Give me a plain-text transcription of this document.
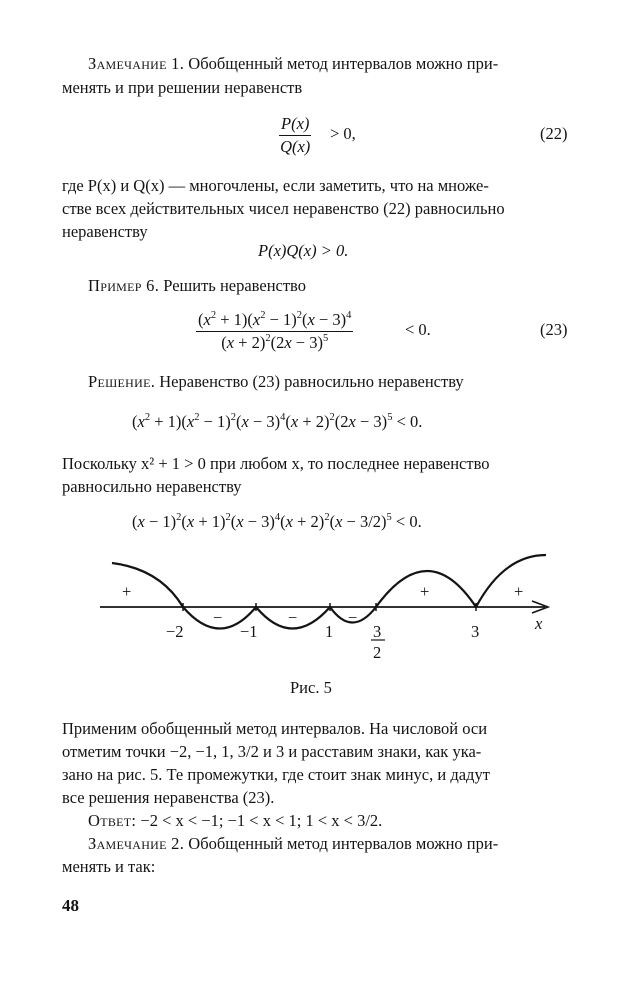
Замечание 1. Обобщенный метод интервалов можно при-
менять и при решении неравенств
$\frac{P(x)}{Q(x)} > 0$,	(22)
где P(x) и Q(x) — многочлены, если заметить, что на множе-
стве всех действительных чисел неравенство (22) равносильно
неравенству
P(x)Q(x) > 0.
Пример 6. Решить неравенство
$\frac{(x^2 + 1)(x^2 - 1)^2(x - 3)^4}{(x + 2)^2(2x - 3)^5}$	< 0.	(23)
Решение. Неравенство (23) равносильно неравенству
$(x^2 + 1)(x^2 - 1)^2(x - 3)^4(x + 2)^2(2x - 3)^5 < 0$.
Поскольку x² + 1 > 0 при любом x, то последнее неравенство
равносильно неравенству
$(x - 1)^2(x + 1)^2(x - 3)^4(x + 2)^2(x - 3/2)^5 < 0$.
+
−	−	−
+	+
−2	−1	1 3
2
3	x
Рис. 5
Применим обобщенный метод интервалов. На числовой оси
отметим точки −2, −1, 1, 3/2 и 3 и расставим знаки, как ука-
зано на рис. 5. Те промежутки, где стоит знак минус, и дадут
все решения неравенства (23).
Ответ: −2 < x < −1; −1 < x < 1; 1 < x < 3/2.
Замечание 2. Обобщенный метод интервалов можно при-
менять и так:
48
